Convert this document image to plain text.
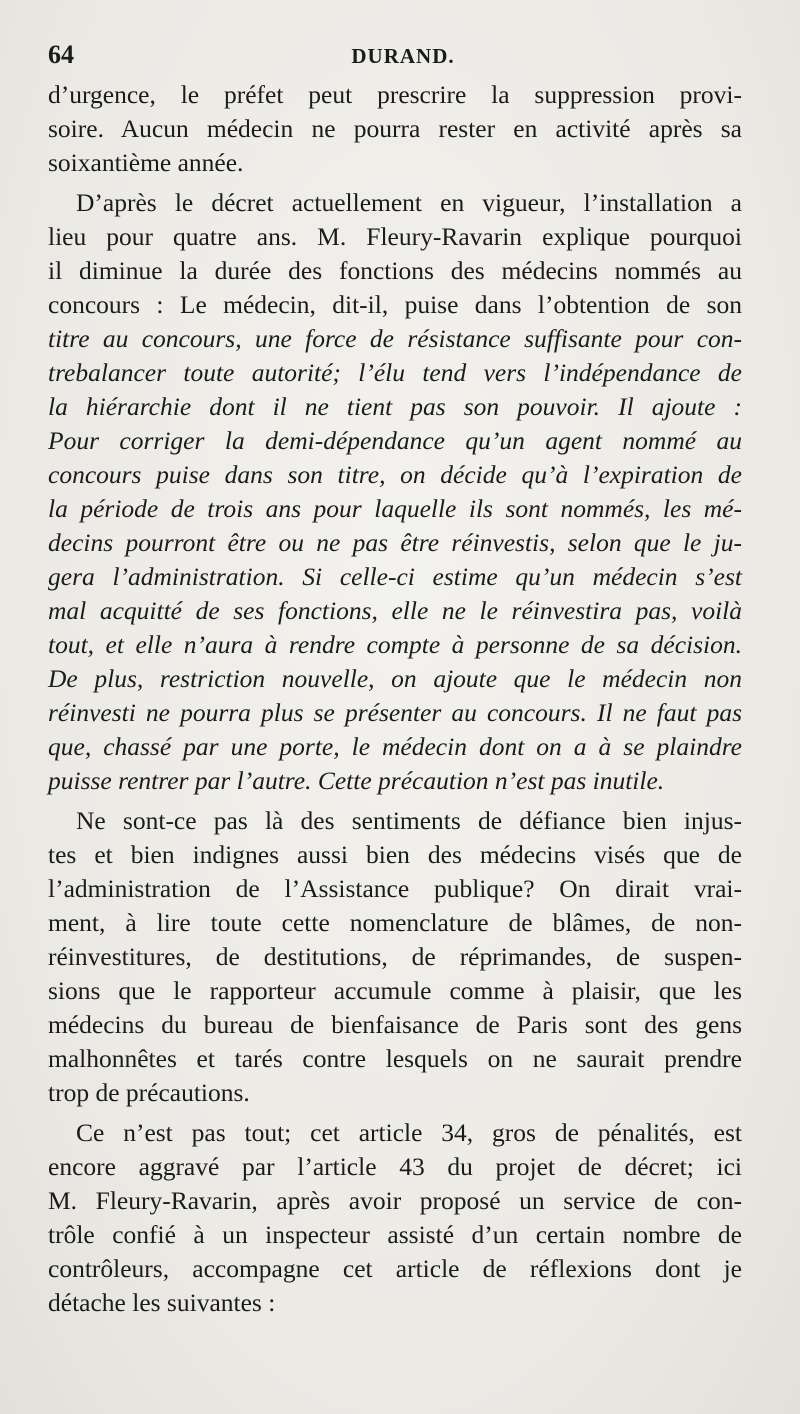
64	DURAND.
d’urgence, le préfet peut prescrire la suppression provi-
soire. Aucun médecin ne pourra rester en activité après sa
soixantième année.
D’après le décret actuellement en vigueur, l’installation a
lieu pour quatre ans. M. Fleury-Ravarin explique pourquoi
il diminue la durée des fonctions des médecins nommés au
concours : Le médecin, dit-il, puise dans l’obtention de son
titre au concours, une force de résistance suffisante pour con-
trebalancer toute autorité; l’élu tend vers l’indépendance de
la hiérarchie dont il ne tient pas son pouvoir. Il ajoute :
Pour corriger la demi-dépendance qu’un agent nommé au
concours puise dans son titre, on décide qu’à l’expiration de
la période de trois ans pour laquelle ils sont nommés, les mé-
decins pourront être ou ne pas être réinvestis, selon que le ju-
gera l’administration. Si celle-ci estime qu’un médecin s’est
mal acquitté de ses fonctions, elle ne le réinvestira pas, voilà
tout, et elle n’aura à rendre compte à personne de sa décision.
De plus, restriction nouvelle, on ajoute que le médecin non
réinvesti ne pourra plus se présenter au concours. Il ne faut pas
que, chassé par une porte, le médecin dont on a à se plaindre
puisse rentrer par l’autre. Cette précaution n’est pas inutile.
Ne sont-ce pas là des sentiments de défiance bien injus-
tes et bien indignes aussi bien des médecins visés que de
l’administration de l’Assistance publique? On dirait vrai-
ment, à lire toute cette nomenclature de blâmes, de non-
réinvestitures, de destitutions, de réprimandes, de suspen-
sions que le rapporteur accumule comme à plaisir, que les
médecins du bureau de bienfaisance de Paris sont des gens
malhonnêtes et tarés contre lesquels on ne saurait prendre
trop de précautions.
Ce n’est pas tout; cet article 34, gros de pénalités, est
encore aggravé par l’article 43 du projet de décret; ici
M. Fleury-Ravarin, après avoir proposé un service de con-
trôle confié à un inspecteur assisté d’un certain nombre de
contrôleurs, accompagne cet article de réflexions dont je
détache les suivantes :
